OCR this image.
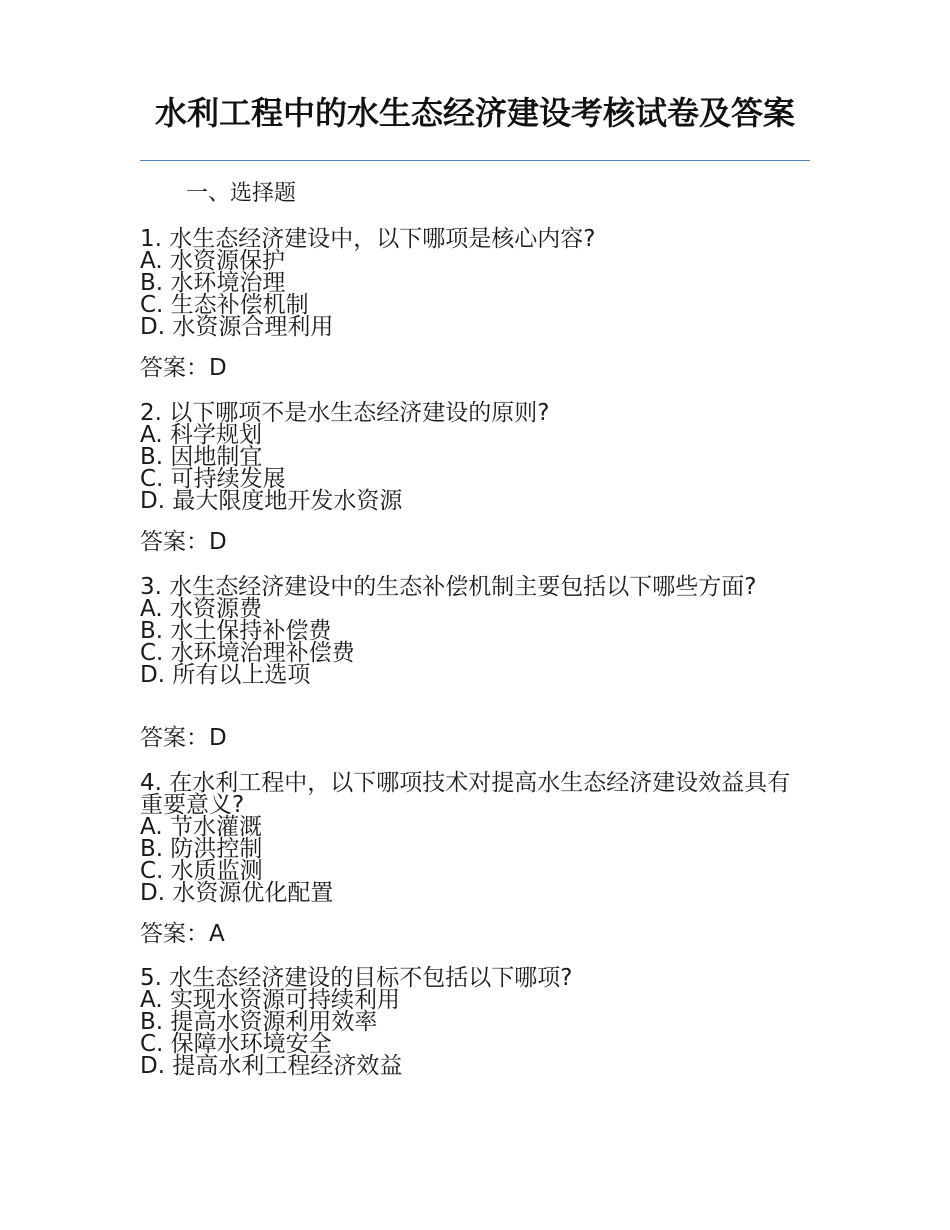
水利工程中的水生态经济建设考核试卷及答案
一、选择题

1. 水生态经济建设中，以下哪项是核心内容?

A. 水资源保护

B. 水环境治理

C. 生态补偿机制

D. 水资源合理利用

答案：D

2. 以下哪项不是水生态经济建设的原则?

A. 科学规划

B. 因地制宜

C. 可持续发展

D. 最大限度地开发水资源

答案：D

3. 水生态经济建设中的生态补偿机制主要包括以下哪些方面?

A. 水资源费

B. 水土保持补偿费

C. 水环境治理补偿费

D. 所有以上选项

答案：D

4. 在水利工程中，以下哪项技术对提高水生态经济建设效益具有重要意义?

A. 节水灌溉

B. 防洪控制

C. 水质监测

D. 水资源优化配置

答案：A

5. 水生态经济建设的目标不包括以下哪项?

A. 实现水资源可持续利用

B. 提高水资源利用效率

C. 保障水环境安全

D. 提高水利工程经济效益
